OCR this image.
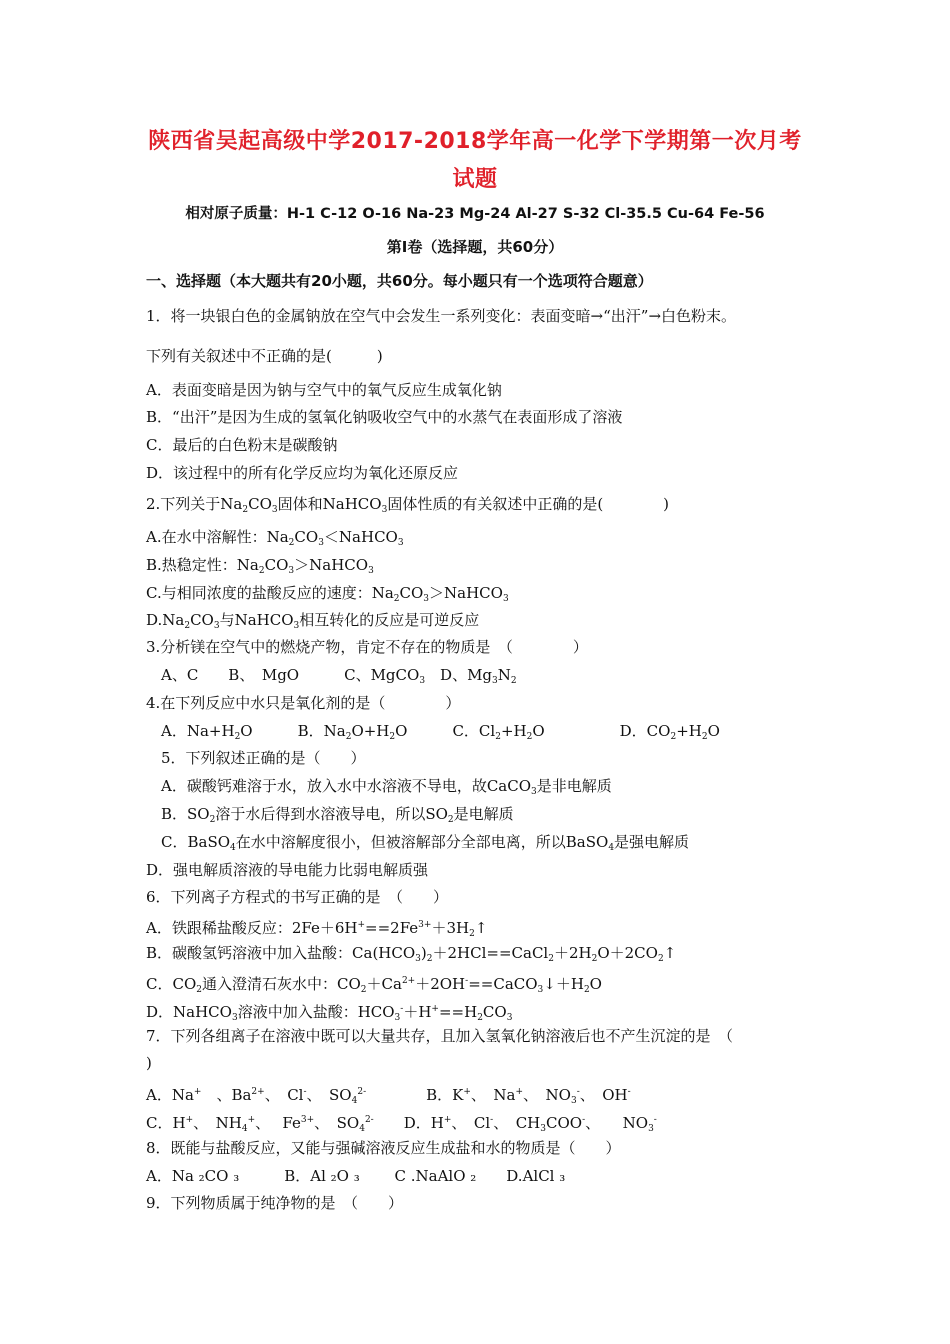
陕西省吴起高级中学2017-2018学年高一化学下学期第一次月考
试题
相对原子质量：H-1 C-12 O-16 Na-23 Mg-24 Al-27 S-32 Cl-35.5 Cu-64 Fe-56
第Ⅰ卷（选择题，共60分）
一、选择题（本大题共有20小题，共60分。每小题只有一个选项符合题意）
1．将一块银白色的金属钠放在空气中会发生一系列变化：表面变暗→“出汗”→白色粉末。
下列有关叙述中不正确的是(　　　)
A．表面变暗是因为钠与空气中的氧气反应生成氧化钠
B．“出汗”是因为生成的氢氧化钠吸收空气中的水蒸气在表面形成了溶液
C．最后的白色粉末是碳酸钠
D．该过程中的所有化学反应均为氧化还原反应
2.下列关于$Na_2CO_3$固体和NaHCO$_3$固体性质的有关叙述中正确的是(　　　　)
A.在水中溶解性：$Na_2CO_3<NaHCO_3$
B.热稳定性：$Na_2CO_3>NaHCO_3$
C.与相同浓度的盐酸反应的速度：$Na_2CO_3>NaHCO_3$
$D.Na_2CO_3$与NaHCO$_3$相互转化的反应是可逆反应
3.分析镁在空气中的燃烧产物，肯定不存在的物质是　（　　　　）
　A、C　　B、　MgO　　　C、MgCO$_3$　D、$Mg_3N_2$
4.在下列反应中水只是氧化剂的是（　　　　）
　A．$Na+H_2O$　　　B．$Na_2O+H_2O$　　　C．$Cl_2+H_2O$　　　　　D．$CO_2+H_2O$
　5．下列叙述正确的是（　　）
　A．碳酸钙难溶于水，放入水中水溶液不导电，故CaCO$_3$是非电解质
　B．$SO_2$溶于水后得到水溶液导电，所以$SO_2$是电解质
　C．BaSO$_4$在水中溶解度很小，但被溶解部分全部电离，所以BaSO$_4$是强电解质
D．强电解质溶液的导电能力比弱电解质强
6．下列离子方程式的书写正确的是　（　　）
A．铁跟稀盐酸反应：$2Fe+6H^+==2Fe^{3+}+3H_2↑$
B．碳酸氢钙溶液中加入盐酸：$Ca(HCO_3)_2+2HCl==CaCl_2+2H_2O+2CO_2↑$
C．$CO_2$通入澄清石灰水中：$CO_2+Ca^{2+}+2OH^-==CaCO_3↓+H_2O$
D．NaHCO$_3$溶液中加入盐酸：$HCO_3^-+H^+==H_2CO_3$
7．下列各组离子在溶液中既可以大量共存，且加入氢氧化钠溶液后也不产生沉淀的是　（
)
A．Na+　、$Ba^{2+}$、　Cl-、　$SO_4^{2-}$　　　　B．K+、　Na+、　$NO_3^-$、　OH-
C．H+、　$NH_4^+$、　 $Fe^{3+}$、　$SO_4^{2-}$　　D．H+、　Cl-、　$CH_3COO^-$、　　$NO_3^-$
8．既能与盐酸反应，又能与强碱溶液反应生成盐和水的物质是（　　）
A．Na ₂CO ₃　　　B．Al ₂O ₃　　 C .NaAlO ₂　　D.AlCl ₃
9．下列物质属于纯净物的是　（　　）
